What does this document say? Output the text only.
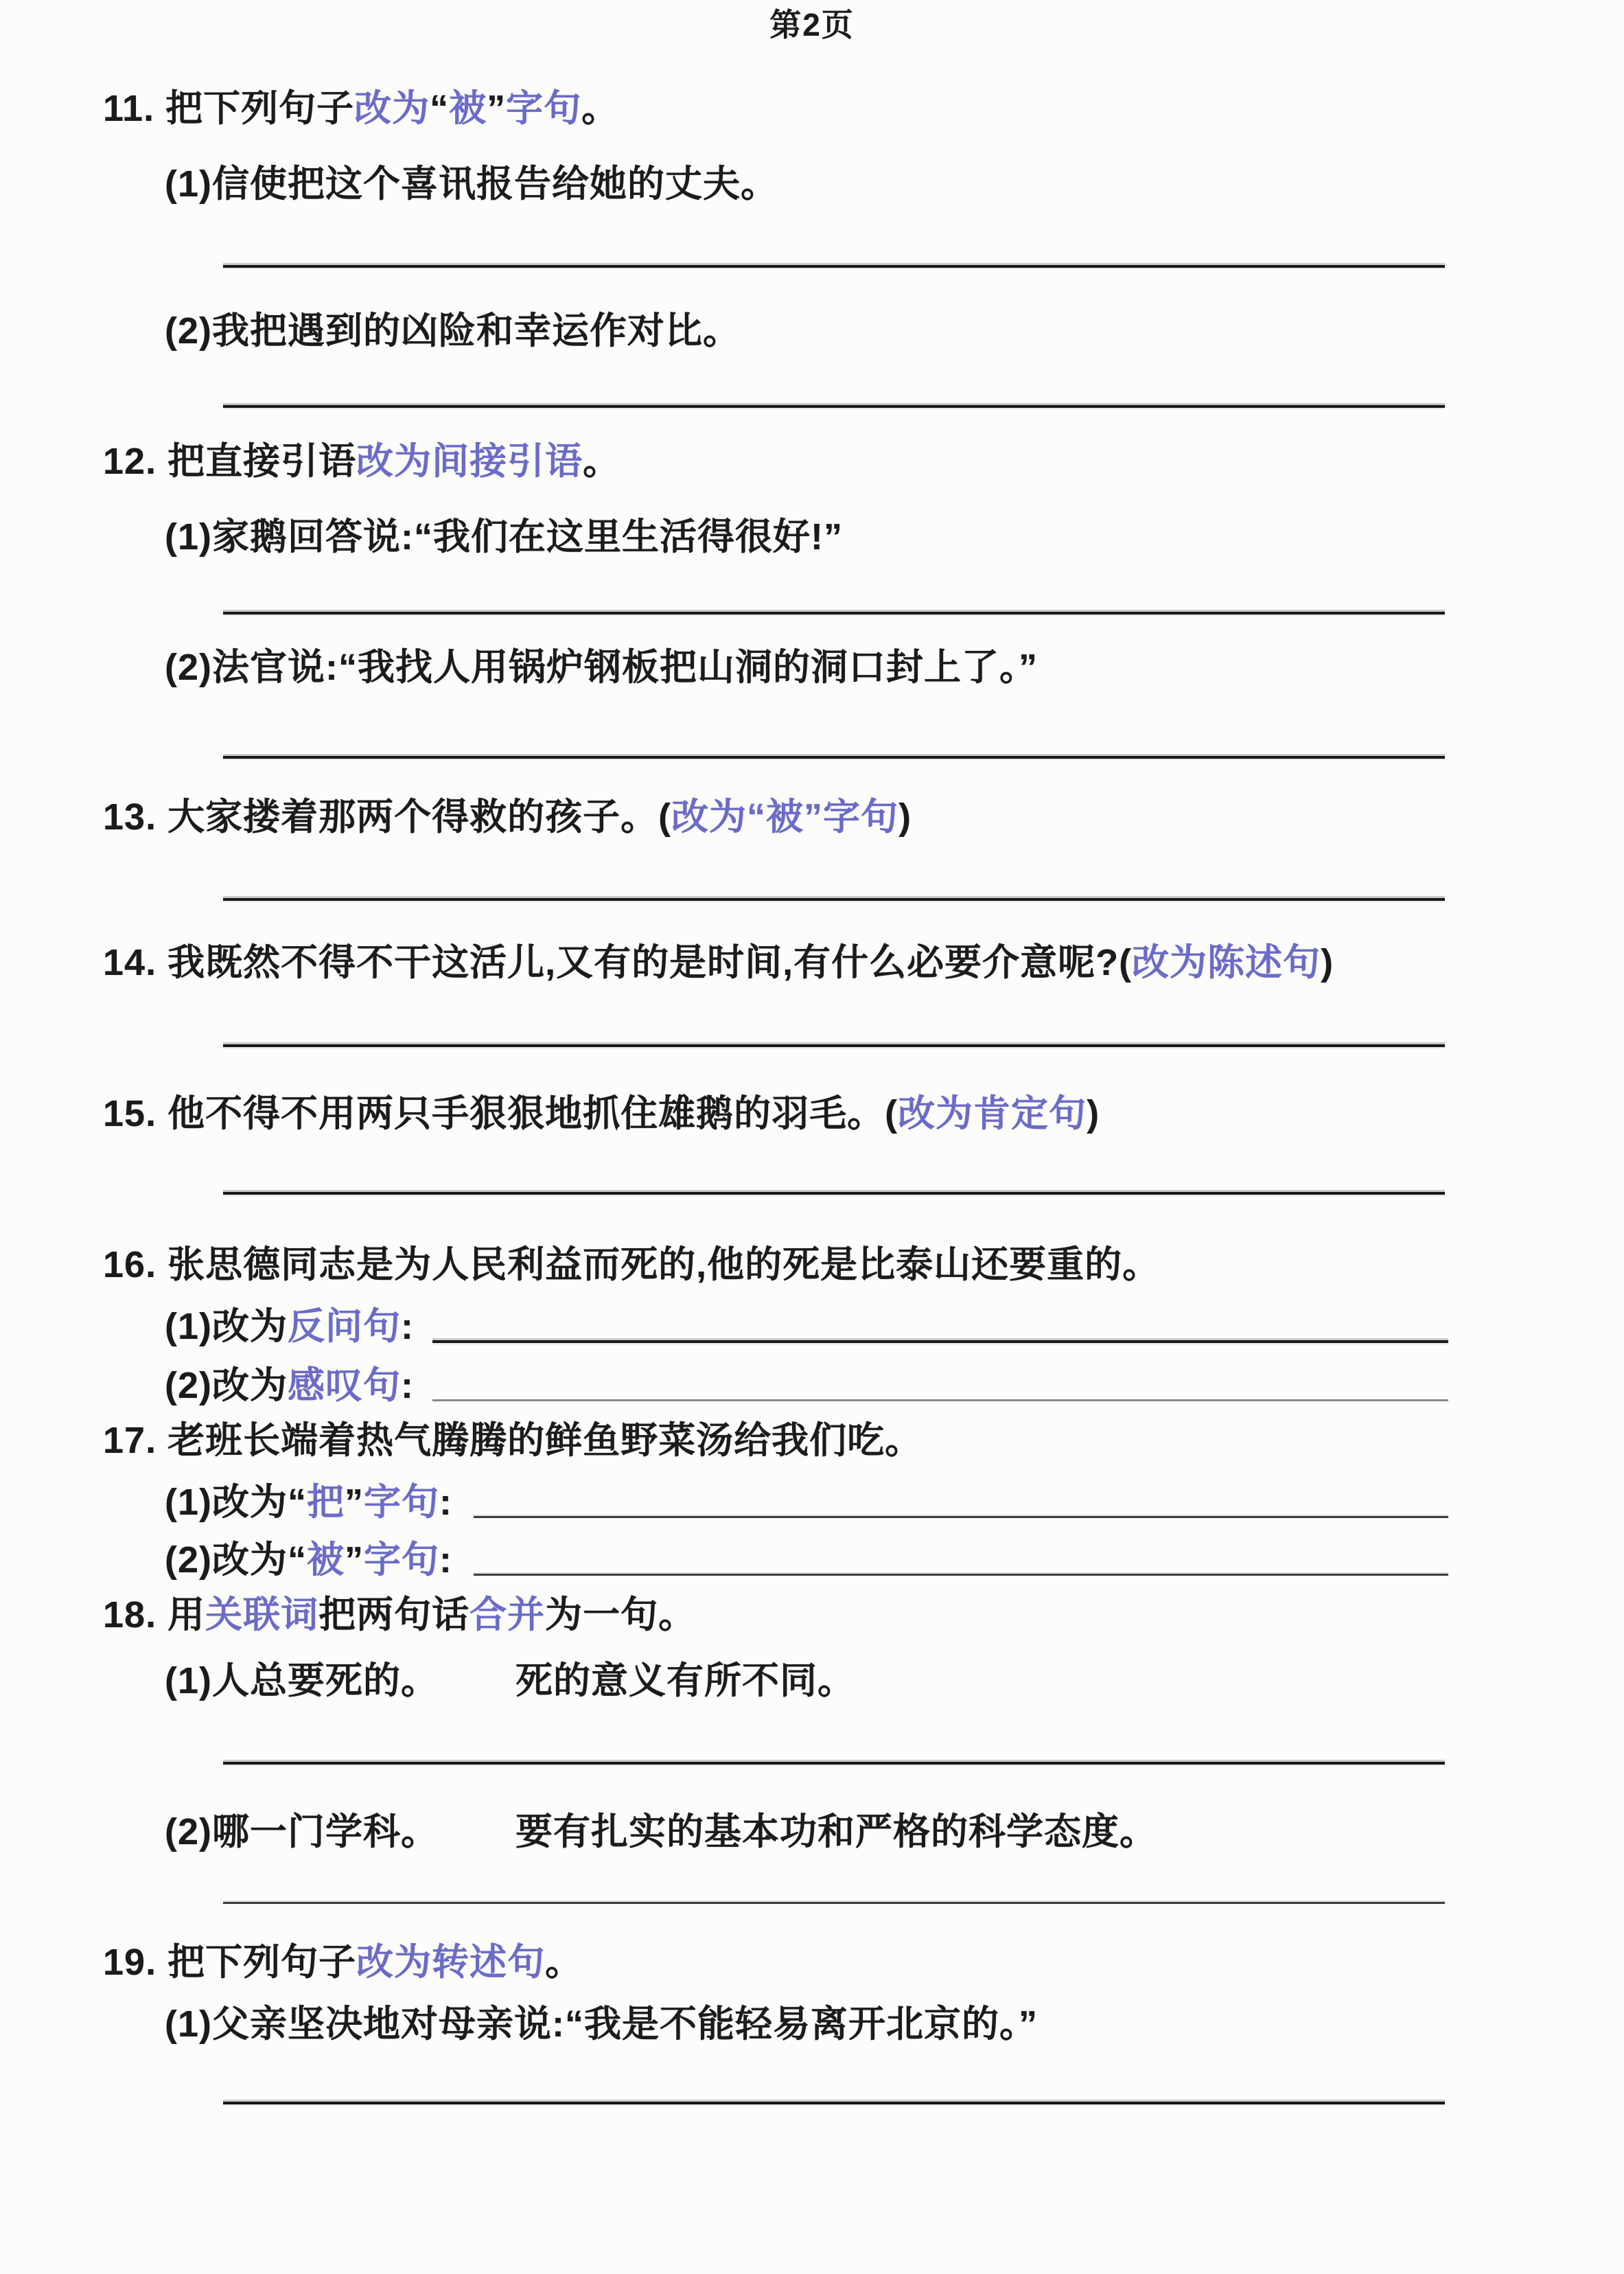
11. 把下列句子改为“被”字句。
(1)信使把这个喜讯报告给她的丈夫。
(2)我把遇到的凶险和幸运作对比。
12. 把直接引语改为间接引语。
(1)家鹅回答说:“我们在这里生活得很好!”
(2)法官说:“我找人用锅炉钢板把山洞的洞口封上了。”
13. 大家搂着那两个得救的孩子。(改为“被”字句)
14. 我既然不得不干这活儿,又有的是时间,有什么必要介意呢?(改为陈述句)
15. 他不得不用两只手狠狠地抓住雄鹅的羽毛。(改为肯定句)
16. 张思德同志是为人民利益而死的,他的死是比泰山还要重的。
(1)改为反问句:
(2)改为感叹句:
17. 老班长端着热气腾腾的鲜鱼野菜汤给我们吃。
(1)改为“把”字句:
(2)改为“被”字句:
18. 用关联词把两句话合并为一句。
(1)人总要死的。 死的意义有所不同。
(2)哪一门学科。 要有扎实的基本功和严格的科学态度。
19. 把下列句子改为转述句。
(1)父亲坚决地对母亲说:“我是不能轻易离开北京的。”
第2页
